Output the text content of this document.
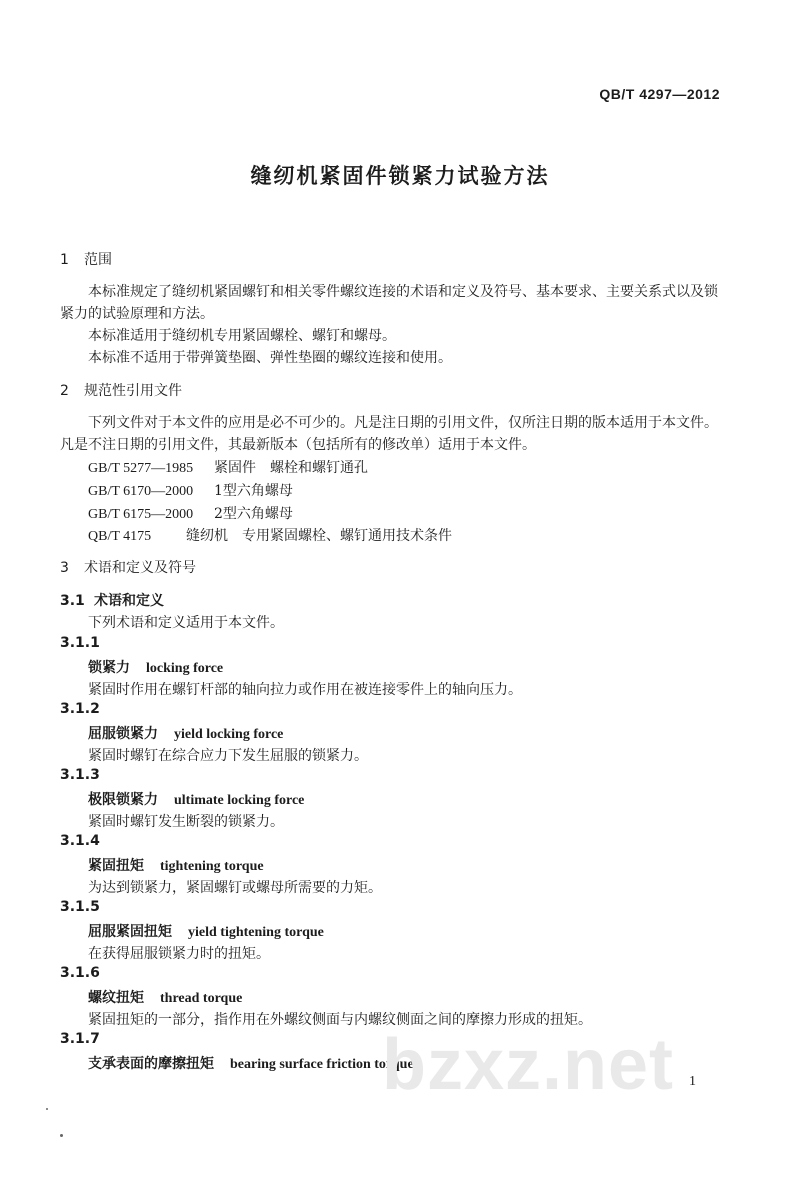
QB/T 4297—2012
缝纫机紧固件锁紧力试验方法
1 范围
本标准规定了缝纫机紧固螺钉和相关零件螺纹连接的术语和定义及符号、基本要求、主要关系式以及锁紧力的试验原理和方法。
本标准适用于缝纫机专用紧固螺栓、螺钉和螺母。
本标准不适用于带弹簧垫圈、弹性垫圈的螺纹连接和使用。
2 规范性引用文件
下列文件对于本文件的应用是必不可少的。凡是注日期的引用文件，仅所注日期的版本适用于本文件。凡是不注日期的引用文件，其最新版本（包括所有的修改单）适用于本文件。
GB/T 5277—1985 紧固件　螺栓和螺钉通孔
GB/T 6170—2000 1型六角螺母
GB/T 6175—2000 2型六角螺母
QB/T 4175 缝纫机　专用紧固螺栓、螺钉通用技术条件
3 术语和定义及符号
3.1 术语和定义
下列术语和定义适用于本文件。
3.1.1
锁紧力 locking force
紧固时作用在螺钉杆部的轴向拉力或作用在被连接零件上的轴向压力。
3.1.2
屈服锁紧力 yield locking force
紧固时螺钉在综合应力下发生屈服的锁紧力。
3.1.3
极限锁紧力 ultimate locking force
紧固时螺钉发生断裂的锁紧力。
3.1.4
紧固扭矩 tightening torque
为达到锁紧力，紧固螺钉或螺母所需要的力矩。
3.1.5
屈服紧固扭矩 yield tightening torque
在获得屈服锁紧力时的扭矩。
3.1.6
螺纹扭矩 thread torque
紧固扭矩的一部分，指作用在外螺纹侧面与内螺纹侧面之间的摩擦力形成的扭矩。
3.1.7
支承表面的摩擦扭矩 bearing surface friction torque
bzxz.net 1
